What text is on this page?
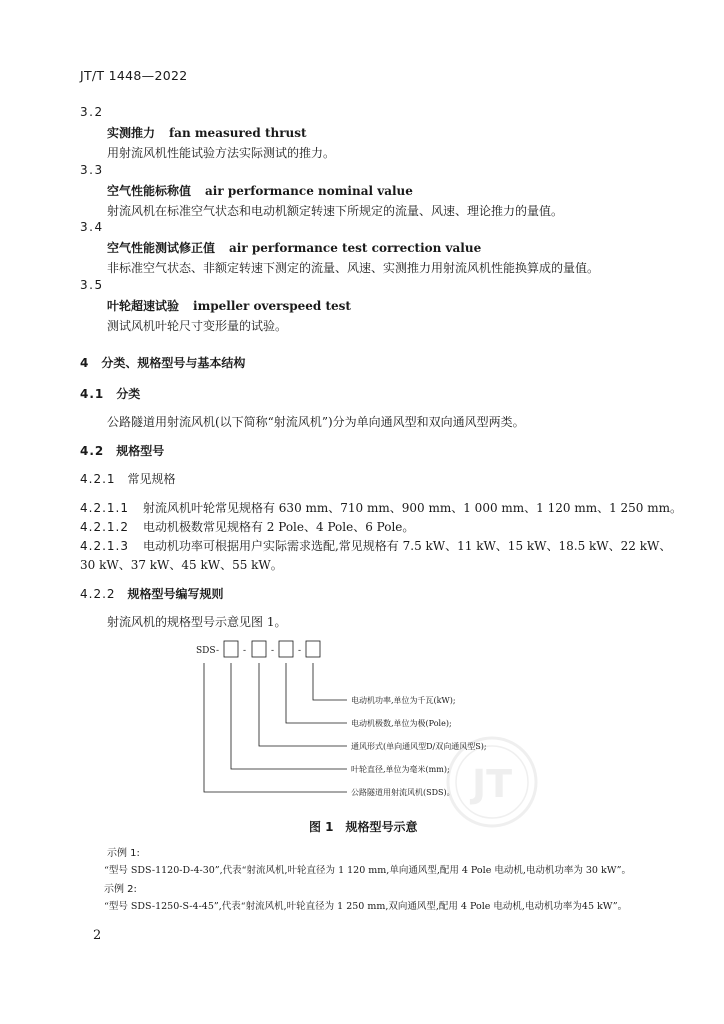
JT/T 1448—2022
3.2
实测推力 fan measured thrust
用射流风机性能试验方法实际测试的推力。
3.3
空气性能标称值 air performance nominal value
射流风机在标准空气状态和电动机额定转速下所规定的流量、风速、理论推力的量值。
3.4
空气性能测试修正值 air performance test correction value
非标准空气状态、非额定转速下测定的流量、风速、实测推力用射流风机性能换算成的量值。
3.5
叶轮超速试验 impeller overspeed test
测试风机叶轮尺寸变形量的试验。
4 分类、规格型号与基本结构
4.1 分类
公路隧道用射流风机(以下简称“射流风机”)分为单向通风型和双向通风型两类。
4.2 规格型号
4.2.1 常见规格
4.2.1.1 射流风机叶轮常见规格有 630 mm、710 mm、900 mm、1 000 mm、1 120 mm、1 250 mm。
4.2.1.2 电动机极数常见规格有 2 Pole、4 Pole、6 Pole。
4.2.1.3 电动机功率可根据用户实际需求选配,常见规格有 7.5 kW、11 kW、15 kW、18.5 kW、22 kW、
30 kW、37 kW、45 kW、55 kW。
4.2.2 规格型号编写规则
射流风机的规格型号示意见图 1。
JT
SDS -	-	-	-
电动机功率,单位为千瓦(kW);
电动机极数,单位为极(Pole);
通风形式(单向通风型D/双向通风型S);
叶轮直径,单位为毫米(mm);
公路隧道用射流风机(SDS)。
图 1 规格型号示意
示例 1:
“型号 SDS-1120-D-4-30”,代表“射流风机,叶轮直径为 1 120 mm,单向通风型,配用 4 Pole 电动机,电动机功率为 30 kW”。
示例 2:
“型号 SDS-1250-S-4-45”,代表“射流风机,叶轮直径为 1 250 mm,双向通风型,配用 4 Pole 电动机,电动机功率为45 kW”。
2
